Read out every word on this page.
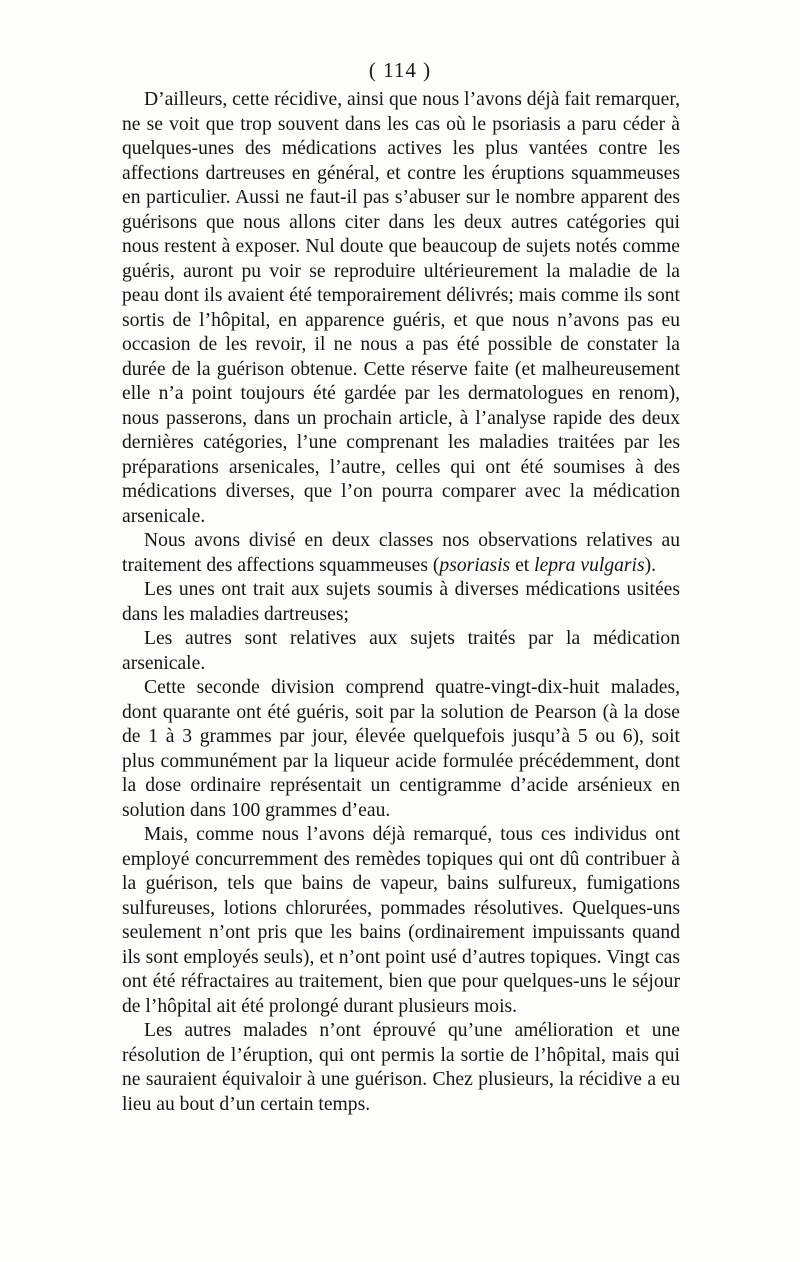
( 114 )

D’ailleurs, cette récidive, ainsi que nous l’avons déjà fait remarquer, ne se voit que trop souvent dans les cas où le psoriasis a paru céder à quelques-unes des médications actives les plus vantées contre les affections dartreuses en général, et contre les éruptions squammeuses en particulier. Aussi ne faut-il pas s’abuser sur le nombre apparent des guérisons que nous allons citer dans les deux autres catégories qui nous restent à exposer. Nul doute que beaucoup de sujets notés comme guéris, auront pu voir se reproduire ultérieurement la maladie de la peau dont ils avaient été temporairement délivrés; mais comme ils sont sortis de l’hôpital, en apparence guéris, et que nous n’avons pas eu occasion de les revoir, il ne nous a pas été possible de constater la durée de la guérison obtenue. Cette réserve faite (et malheureusement elle n’a point toujours été gardée par les dermatologues en renom), nous passerons, dans un prochain article, à l’analyse rapide des deux dernières catégories, l’une comprenant les maladies traitées par les préparations arsenicales, l’autre, celles qui ont été soumises à des médications diverses, que l’on pourra comparer avec la médication arsenicale.

Nous avons divisé en deux classes nos observations relatives au traitement des affections squammeuses (psoriasis et lepra vulgaris).

Les unes ont trait aux sujets soumis à diverses médications usitées dans les maladies dartreuses;

Les autres sont relatives aux sujets traités par la médication arsenicale.

Cette seconde division comprend quatre-vingt-dix-huit malades, dont quarante ont été guéris, soit par la solution de Pearson (à la dose de 1 à 3 grammes par jour, élevée quelquefois jusqu’à 5 ou 6), soit plus communément par la liqueur acide formulée précédemment, dont la dose ordinaire représentait un centigramme d’acide arsénieux en solution dans 100 grammes d’eau.

Mais, comme nous l’avons déjà remarqué, tous ces individus ont employé concurremment des remèdes topiques qui ont dû contribuer à la guérison, tels que bains de vapeur, bains sulfureux, fumigations sulfureuses, lotions chlorurées, pommades résolutives. Quelques-uns seulement n’ont pris que les bains (ordinairement impuissants quand ils sont employés seuls), et n’ont point usé d’autres topiques. Vingt cas ont été réfractaires au traitement, bien que pour quelques-uns le séjour de l’hôpital ait été prolongé durant plusieurs mois.

Les autres malades n’ont éprouvé qu’une amélioration et une résolution de l’éruption, qui ont permis la sortie de l’hôpital, mais qui ne sauraient équivaloir à une guérison. Chez plusieurs, la récidive a eu lieu au bout d’un certain temps.
